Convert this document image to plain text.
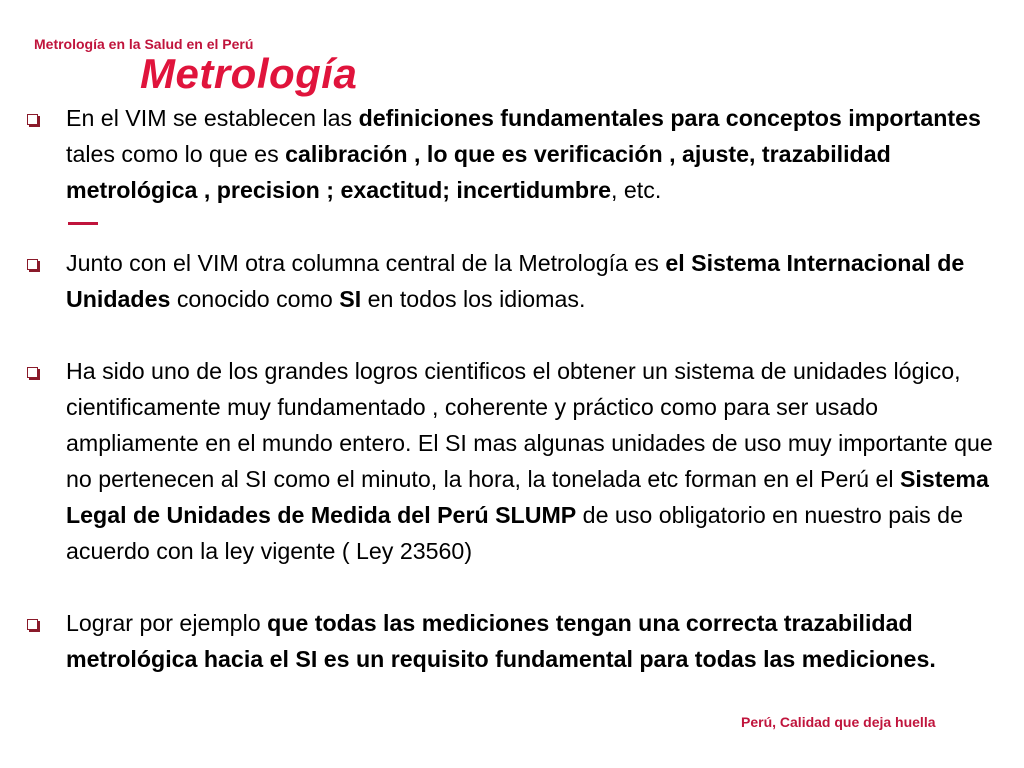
Metrología en la Salud en el Perú
Metrología
En el VIM se establecen las definiciones fundamentales para conceptos importantes tales como lo que es calibración , lo que es verificación , ajuste, trazabilidad metrológica , precision ; exactitud; incertidumbre, etc.
Junto con el VIM otra columna central de la Metrología es el Sistema Internacional de Unidades conocido como SI en todos los idiomas.
Ha sido uno de los grandes logros cientificos el obtener un sistema de unidades lógico, cientificamente muy fundamentado , coherente y práctico como para ser usado ampliamente en el mundo entero. El SI mas algunas unidades de uso muy importante que no pertenecen al SI como el minuto, la hora, la tonelada etc forman en el Perú el Sistema Legal de Unidades de Medida del Perú SLUMP de uso obligatorio en nuestro pais de acuerdo con la ley vigente ( Ley 23560)
Lograr por ejemplo que todas las mediciones tengan una correcta trazabilidad metrológica hacia el SI es un requisito fundamental para todas las mediciones.
Perú, Calidad que deja huella
